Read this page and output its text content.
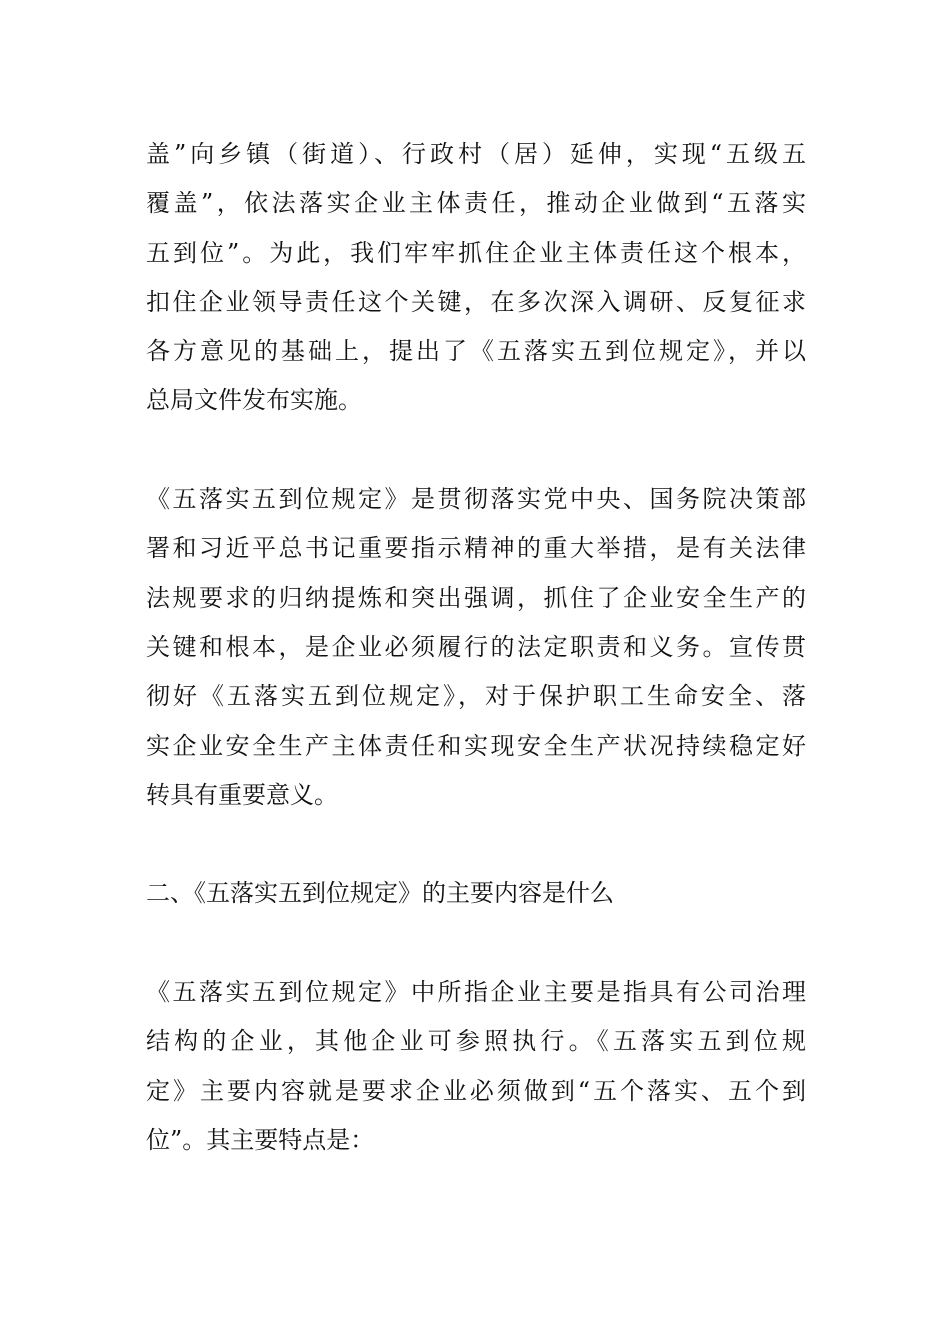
盖”向乡镇（街道）、行政村（居）延伸，实现“五级五
覆盖”，依法落实企业主体责任，推动企业做到“五落实
五到位”。为此，我们牢牢抓住企业主体责任这个根本，
扣住企业领导责任这个关键，在多次深入调研、反复征求
各方意见的基础上，提出了《五落实五到位规定》，并以
总局文件发布实施。
《五落实五到位规定》是贯彻落实党中央、国务院决策部
署和习近平总书记重要指示精神的重大举措，是有关法律
法规要求的归纳提炼和突出强调，抓住了企业安全生产的
关键和根本，是企业必须履行的法定职责和义务。宣传贯
彻好《五落实五到位规定》，对于保护职工生命安全、落
实企业安全生产主体责任和实现安全生产状况持续稳定好
转具有重要意义。
二、《五落实五到位规定》的主要内容是什么
《五落实五到位规定》中所指企业主要是指具有公司治理
结构的企业，其他企业可参照执行。《五落实五到位规
定》主要内容就是要求企业必须做到“五个落实、五个到
位”。其主要特点是：
